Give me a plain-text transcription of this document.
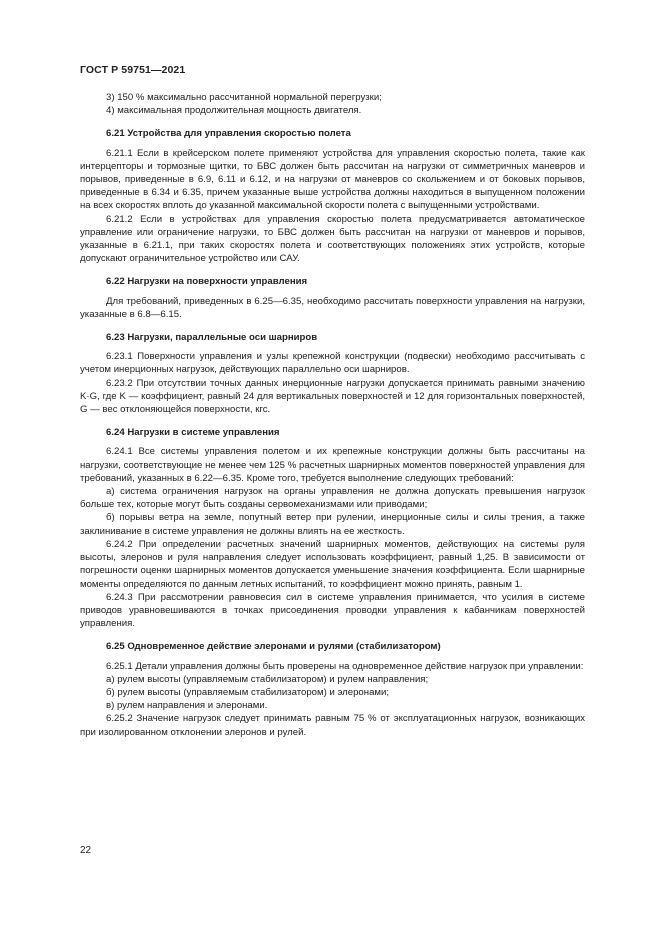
ГОСТ Р 59751—2021

3) 150 % максимально рассчитанной нормальной перегрузки;

4) максимальная продолжительная мощность двигателя.

6.21 Устройства для управления скоростью полета

6.21.1 Если в крейсерском полете применяют устройства для управления скоростью полета, такие как интерцепторы и тормозные щитки, то БВС должен быть рассчитан на нагрузки от симметричных маневров и порывов, приведенные в 6.9, 6.11 и 6.12, и на нагрузки от маневров со скольжением и от боковых порывов, приведенные в 6.34 и 6.35, причем указанные выше устройства должны находиться в выпущенном положении на всех скоростях вплоть до указанной максимальной скорости полета с выпущенными устройствами.

6.21.2 Если в устройствах для управления скоростью полета предусматривается автоматическое управление или ограничение нагрузки, то БВС должен быть рассчитан на нагрузки от маневров и порывов, указанные в 6.21.1, при таких скоростях полета и соответствующих положениях этих устройств, которые допускают ограничительное устройство или САУ.

6.22 Нагрузки на поверхности управления

Для требований, приведенных в 6.25—6.35, необходимо рассчитать поверхности управления на нагрузки, указанные в 6.8—6.15.

6.23 Нагрузки, параллельные оси шарниров

6.23.1 Поверхности управления и узлы крепежной конструкции (подвески) необходимо рассчитывать с учетом инерционных нагрузок, действующих параллельно оси шарниров.

6.23.2 При отсутствии точных данных инерционные нагрузки допускается принимать равными значению K·G, где K — коэффициент, равный 24 для вертикальных поверхностей и 12 для горизонтальных поверхностей, G — вес отклоняющейся поверхности, кгс.

6.24 Нагрузки в системе управления

6.24.1 Все системы управления полетом и их крепежные конструкции должны быть рассчитаны на нагрузки, соответствующие не менее чем 125 % расчетных шарнирных моментов поверхностей управления для требований, указанных в 6.22—6.35. Кроме того, требуется выполнение следующих требований:

а) система ограничения нагрузок на органы управления не должна допускать превышения нагрузок больше тех, которые могут быть созданы сервомеханизмами или приводами;

б) порывы ветра на земле, попутный ветер при рулении, инерционные силы и силы трения, а также заклинивание в системе управления не должны влиять на ее жесткость.

6.24.2 При определении расчетных значений шарнирных моментов, действующих на системы руля высоты, элеронов и руля направления следует использовать коэффициент, равный 1,25. В зависимости от погрешности оценки шарнирных моментов допускается уменьшение значения коэффициента. Если шарнирные моменты определяются по данным летных испытаний, то коэффициент можно принять, равным 1.

6.24.3 При рассмотрении равновесия сил в системе управления принимается, что усилия в системе приводов уравновешиваются в точках присоединения проводки управления к кабанчикам поверхностей управления.

6.25 Одновременное действие элеронами и рулями (стабилизатором)

6.25.1 Детали управления должны быть проверены на одновременное действие нагрузок при управлении:

а) рулем высоты (управляемым стабилизатором) и рулем направления;

б) рулем высоты (управляемым стабилизатором) и элеронами;

в) рулем направления и элеронами.

6.25.2 Значение нагрузок следует принимать равным 75 % от эксплуатационных нагрузок, возникающих при изолированном отклонении элеронов и рулей.

22
